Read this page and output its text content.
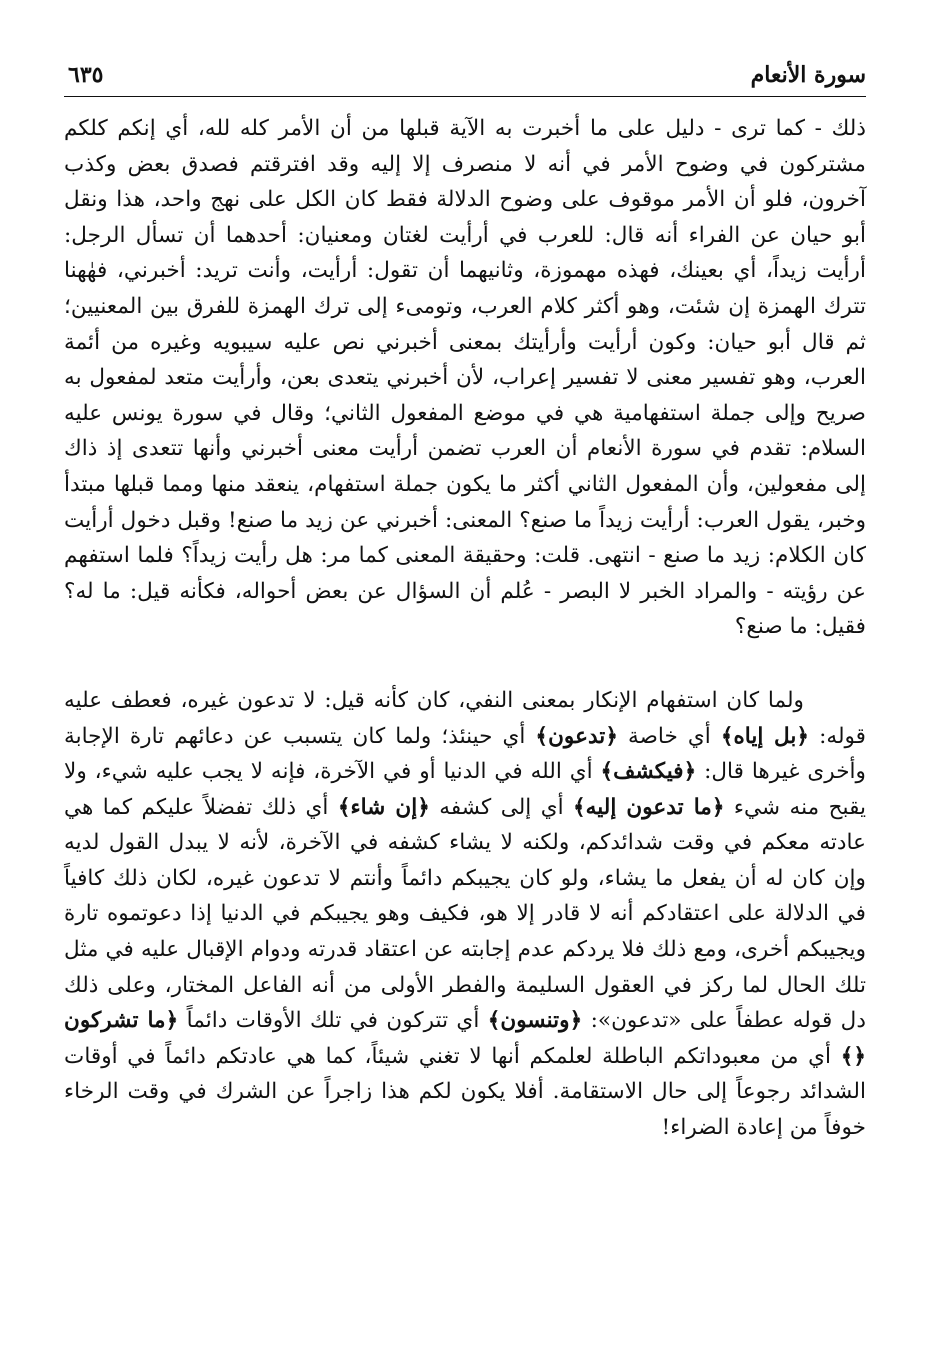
سورة الأنعام
٦٣٥

ذلك - كما ترى - دليل على ما أخبرت به الآية قبلها من أن الأمر كله لله، أي إنكم كلكم مشتركون في وضوح الأمر في أنه لا منصرف إلا إليه وقد افترقتم فصدق بعض وكذب آخرون، فلو أن الأمر موقوف على وضوح الدلالة فقط كان الكل على نهج واحد، هذا ونقل أبو حيان عن الفراء أنه قال: للعرب في أرأيت لغتان ومعنيان: أحدهما أن تسأل الرجل: أرأيت زيداً، أي بعينك، فهذه مهموزة، وثانيهما أن تقول: أرأيت، وأنت تريد: أخبرني، فهٰهنا تترك الهمزة إن شئت، وهو أكثر كلام العرب، وتومىء إلى ترك الهمزة للفرق بين المعنيين؛ ثم قال أبو حيان: وكون أرأيت وأرأيتك بمعنى أخبرني نص عليه سيبويه وغيره من أئمة العرب، وهو تفسير معنى لا تفسير إعراب، لأن أخبرني يتعدى بعن، وأرأيت متعد لمفعول به صريح وإلى جملة استفهامية هي في موضع المفعول الثاني؛ وقال في سورة يونس عليه السلام: تقدم في سورة الأنعام أن العرب تضمن أرأيت معنى أخبرني وأنها تتعدى إذ ذاك إلى مفعولين، وأن المفعول الثاني أكثر ما يكون جملة استفهام، ينعقد منها ومما قبلها مبتدأ وخبر، يقول العرب: أرأيت زيداً ما صنع؟ المعنى: أخبرني عن زيد ما صنع! وقبل دخول أرأيت كان الكلام: زيد ما صنع - انتهى. قلت: وحقيقة المعنى كما مر: هل رأيت زيداً؟ فلما استفهم عن رؤيته - والمراد الخبر لا البصر - عُلم أن السؤال عن بعض أحواله، فكأنه قيل: ما له؟ فقيل: ما صنع؟

ولما كان استفهام الإنكار بمعنى النفي، كان كأنه قيل: لا تدعون غيره، فعطف عليه قوله: ﴿بل إياه﴾ أي خاصة ﴿تدعون﴾ أي حينئذ؛ ولما كان يتسبب عن دعائهم تارة الإجابة وأخرى غيرها قال: ﴿فيكشف﴾ أي الله في الدنيا أو في الآخرة، فإنه لا يجب عليه شيء، ولا يقبح منه شيء ﴿ما تدعون إليه﴾ أي إلى كشفه ﴿إن شاء﴾ أي ذلك تفضلاً عليكم كما هي عادته معكم في وقت شدائدكم، ولكنه لا يشاء كشفه في الآخرة، لأنه لا يبدل القول لديه وإن كان له أن يفعل ما يشاء، ولو كان يجيبكم دائماً وأنتم لا تدعون غيره، لكان ذلك كافياً في الدلالة على اعتقادكم أنه لا قادر إلا هو، فكيف وهو يجيبكم في الدنيا إذا دعوتموه تارة ويجيبكم أخرى، ومع ذلك فلا يردكم عدم إجابته عن اعتقاد قدرته ودوام الإقبال عليه في مثل تلك الحال لما ركز في العقول السليمة والفطر الأولى من أنه الفاعل المختار، وعلى ذلك دل قوله عطفاً على «تدعون»: ﴿وتنسون﴾ أي تتركون في تلك الأوقات دائماً ﴿ما تشركون ﴿﴾ أي من معبوداتكم الباطلة لعلمكم أنها لا تغني شيئاً، كما هي عادتكم دائماً في أوقات الشدائد رجوعاً إلى حال الاستقامة. أفلا يكون لكم هذا زاجراً عن الشرك في وقت الرخاء خوفاً من إعادة الضراء!
